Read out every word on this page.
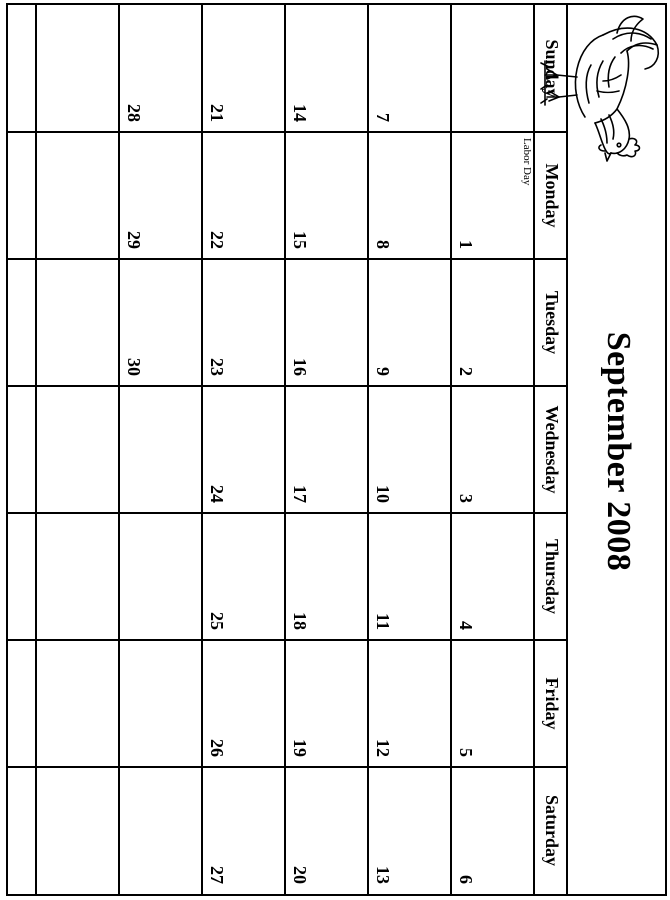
September 2008
Sunday
Monday
Tuesday
Wednesday
Thursday
Friday
Saturday
Labor Day
1
2
3
4
5
6
7
8
9
10
11
12
13
14
15
16
17
18
19
20
21
22
23
24
25
26
27
28
29
30
